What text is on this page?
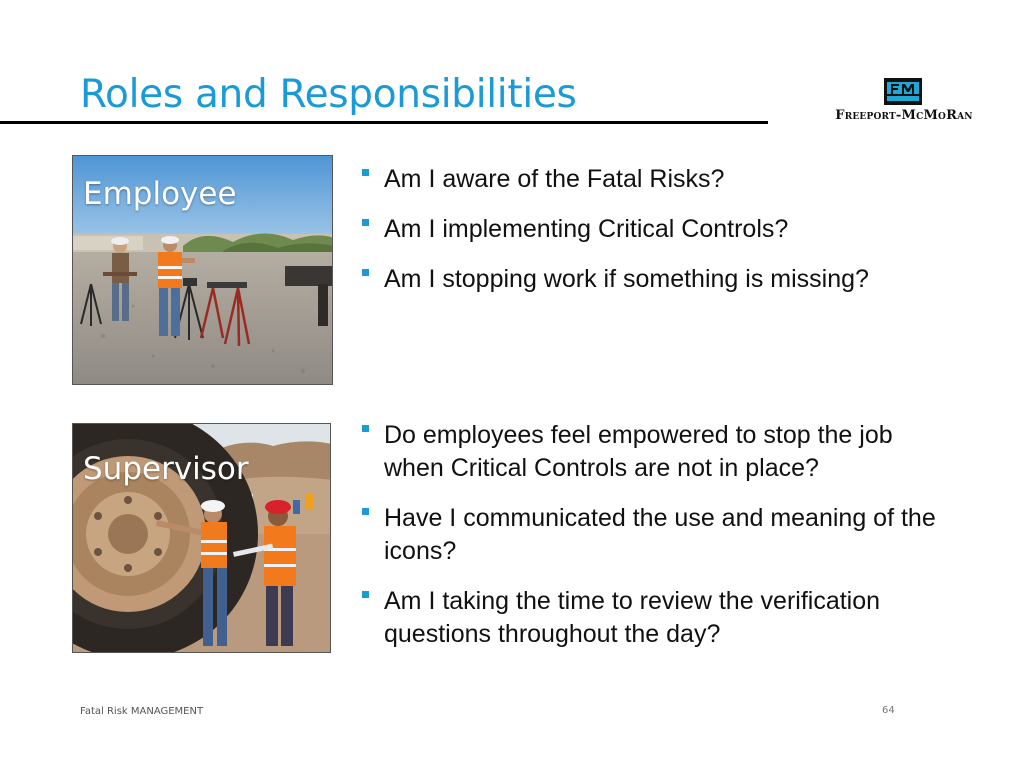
Roles and Responsibilities	Freeport-McMoRan
Employee	Am I aware of the Fatal Risks?
Am I implementing Critical Controls?
Am I stopping work if something is missing?
Supervisor
Do employees feel empowered to stop the job when Critical Controls are not in place?
Have I communicated the use and meaning of the icons?
Am I taking the time to review the verification questions throughout the day?
Fatal Risk MANAGEMENT	64
